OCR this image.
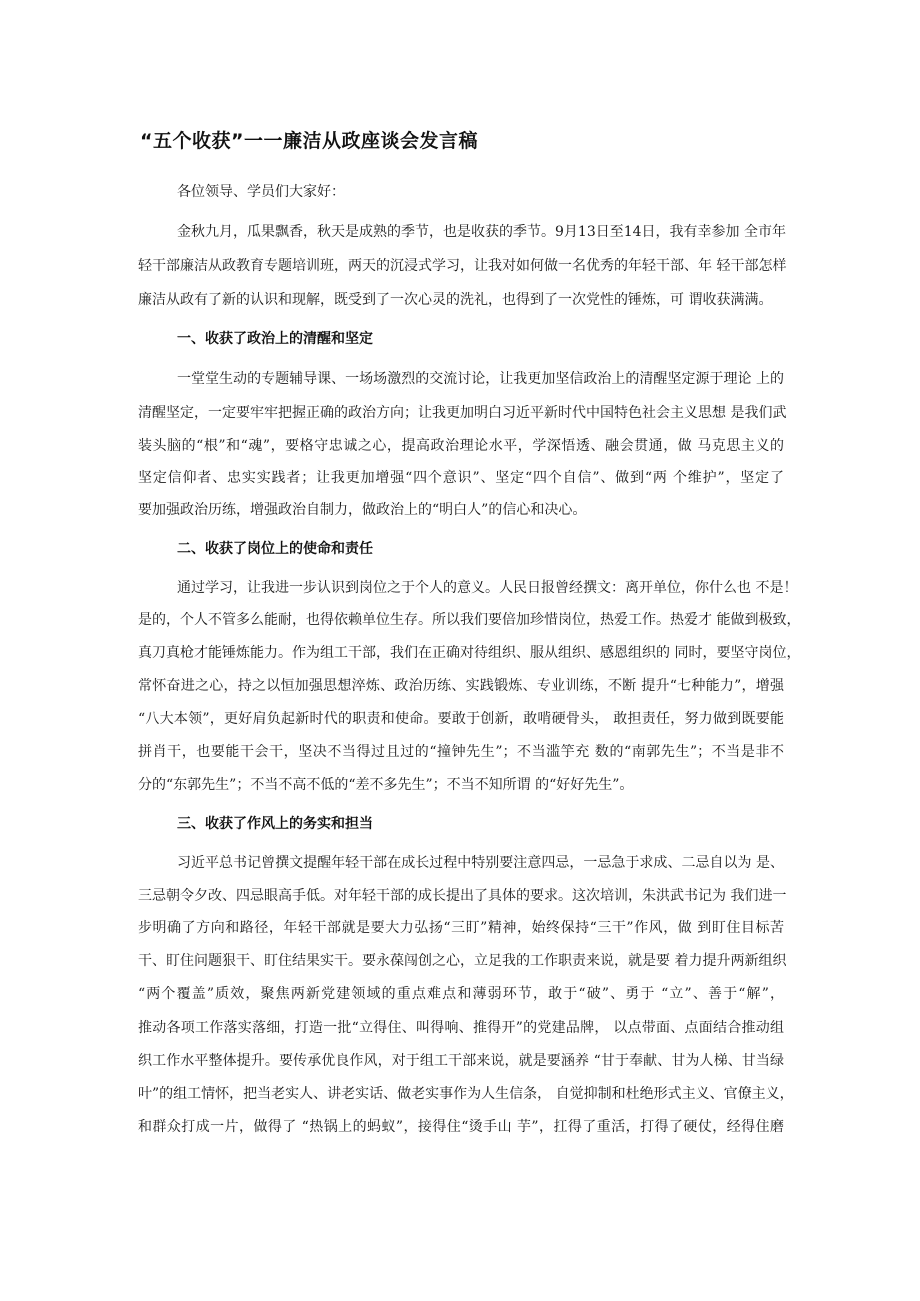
“五个收获”一一廉洁从政座谈会发言稿

各位领导、学员们大家好：

金秋九月，瓜果飘香，秋天是成熟的季节，也是收获的季节。9月13日至14日，我有幸参加 全市年

轻干部廉洁从政教育专题培训班，两天的沉浸式学习，让我对如何做一名优秀的年轻干部、年 轻干部怎样

廉洁从政有了新的认识和现解，既受到了一次心灵的洗礼，也得到了一次党性的锤炼，可 谓收获满满。

一、收获了政治上的清醒和坚定

一堂堂生动的专题辅导课、一场场激烈的交流讨论，让我更加坚信政治上的清醒坚定源于理论 上的

清醒坚定，一定要牢牢把握正确的政治方向；让我更加明白习近平新时代中国特色社会主义思想 是我们武

装头脑的“根”和“魂”，要格守忠诚之心，提高政治理论水平，学深悟透、融会贯通，做 马克思主义的

坚定信仰者、忠实实践者；让我更加增强“四个意识”、坚定“四个自信”、做到“两 个维护”，坚定了

要加强政治历练，增强政治自制力，做政治上的“明白人”的信心和决心。

二、收获了岗位上的使命和责任

通过学习，让我进一步认识到岗位之于个人的意义。人民日报曾经撰文：离开单位，你什么也 不是！

是的，个人不管多么能耐，也得依赖单位生存。所以我们要倍加珍惜岗位，热爱工作。热爱才 能做到极致，

真刀真枪才能锤炼能力。作为组工干部，我们在正确对待组织、服从组织、感恩组织的 同时，要坚守岗位，

常怀奋进之心，持之以恒加强思想淬炼、政治历练、实践锻炼、专业训练，不断 提升“七种能力”，增强

“八大本领”，更好肩负起新时代的职责和使命。要敢于创新，敢啃硬骨头， 敢担责任，努力做到既要能

拼肖干，也要能干会干，坚决不当得过且过的“撞钟先生”；不当滥竽充 数的“南郭先生”；不当是非不

分的“东郭先生”；不当不高不低的“差不多先生”；不当不知所谓 的“好好先生”。

三、收获了作风上的务实和担当

习近平总书记曾撰文提醒年轻干部在成长过程中特别要注意四忌，一忌急于求成、二忌自以为 是、

三忌朝令夕改、四忌眼高手低。对年轻干部的成长提出了具体的要求。这次培训，朱洪武书记为 我们进一

步明确了方向和路径，年轻干部就是要大力弘扬“三盯”精神，始终保持“三干”作风，做 到盯住目标苦

干、盯住问题狠干、盯住结果实干。要永葆闯创之心，立足我的工作职责来说，就是要 着力提升两新组织

“两个覆盖”质效，聚焦两新党建领域的重点难点和薄弱环节，敢于“破”、勇于 “立”、善于“解”，

推动各项工作落实落细，打造一批“立得住、叫得响、推得开”的党建品牌， 以点带面、点面结合推动组

织工作水平整体提升。要传承优良作风，对于组工干部来说，就是要涵养 “甘于奉献、甘为人梯、甘当绿

叶”的组工情怀，把当老实人、讲老实话、做老实事作为人生信条， 自觉抑制和杜绝形式主义、官僚主义，

和群众打成一片，做得了 “热锅上的蚂蚁”，接得住“烫手山 芋”，扛得了重活，打得了硬仗，经得住磨
